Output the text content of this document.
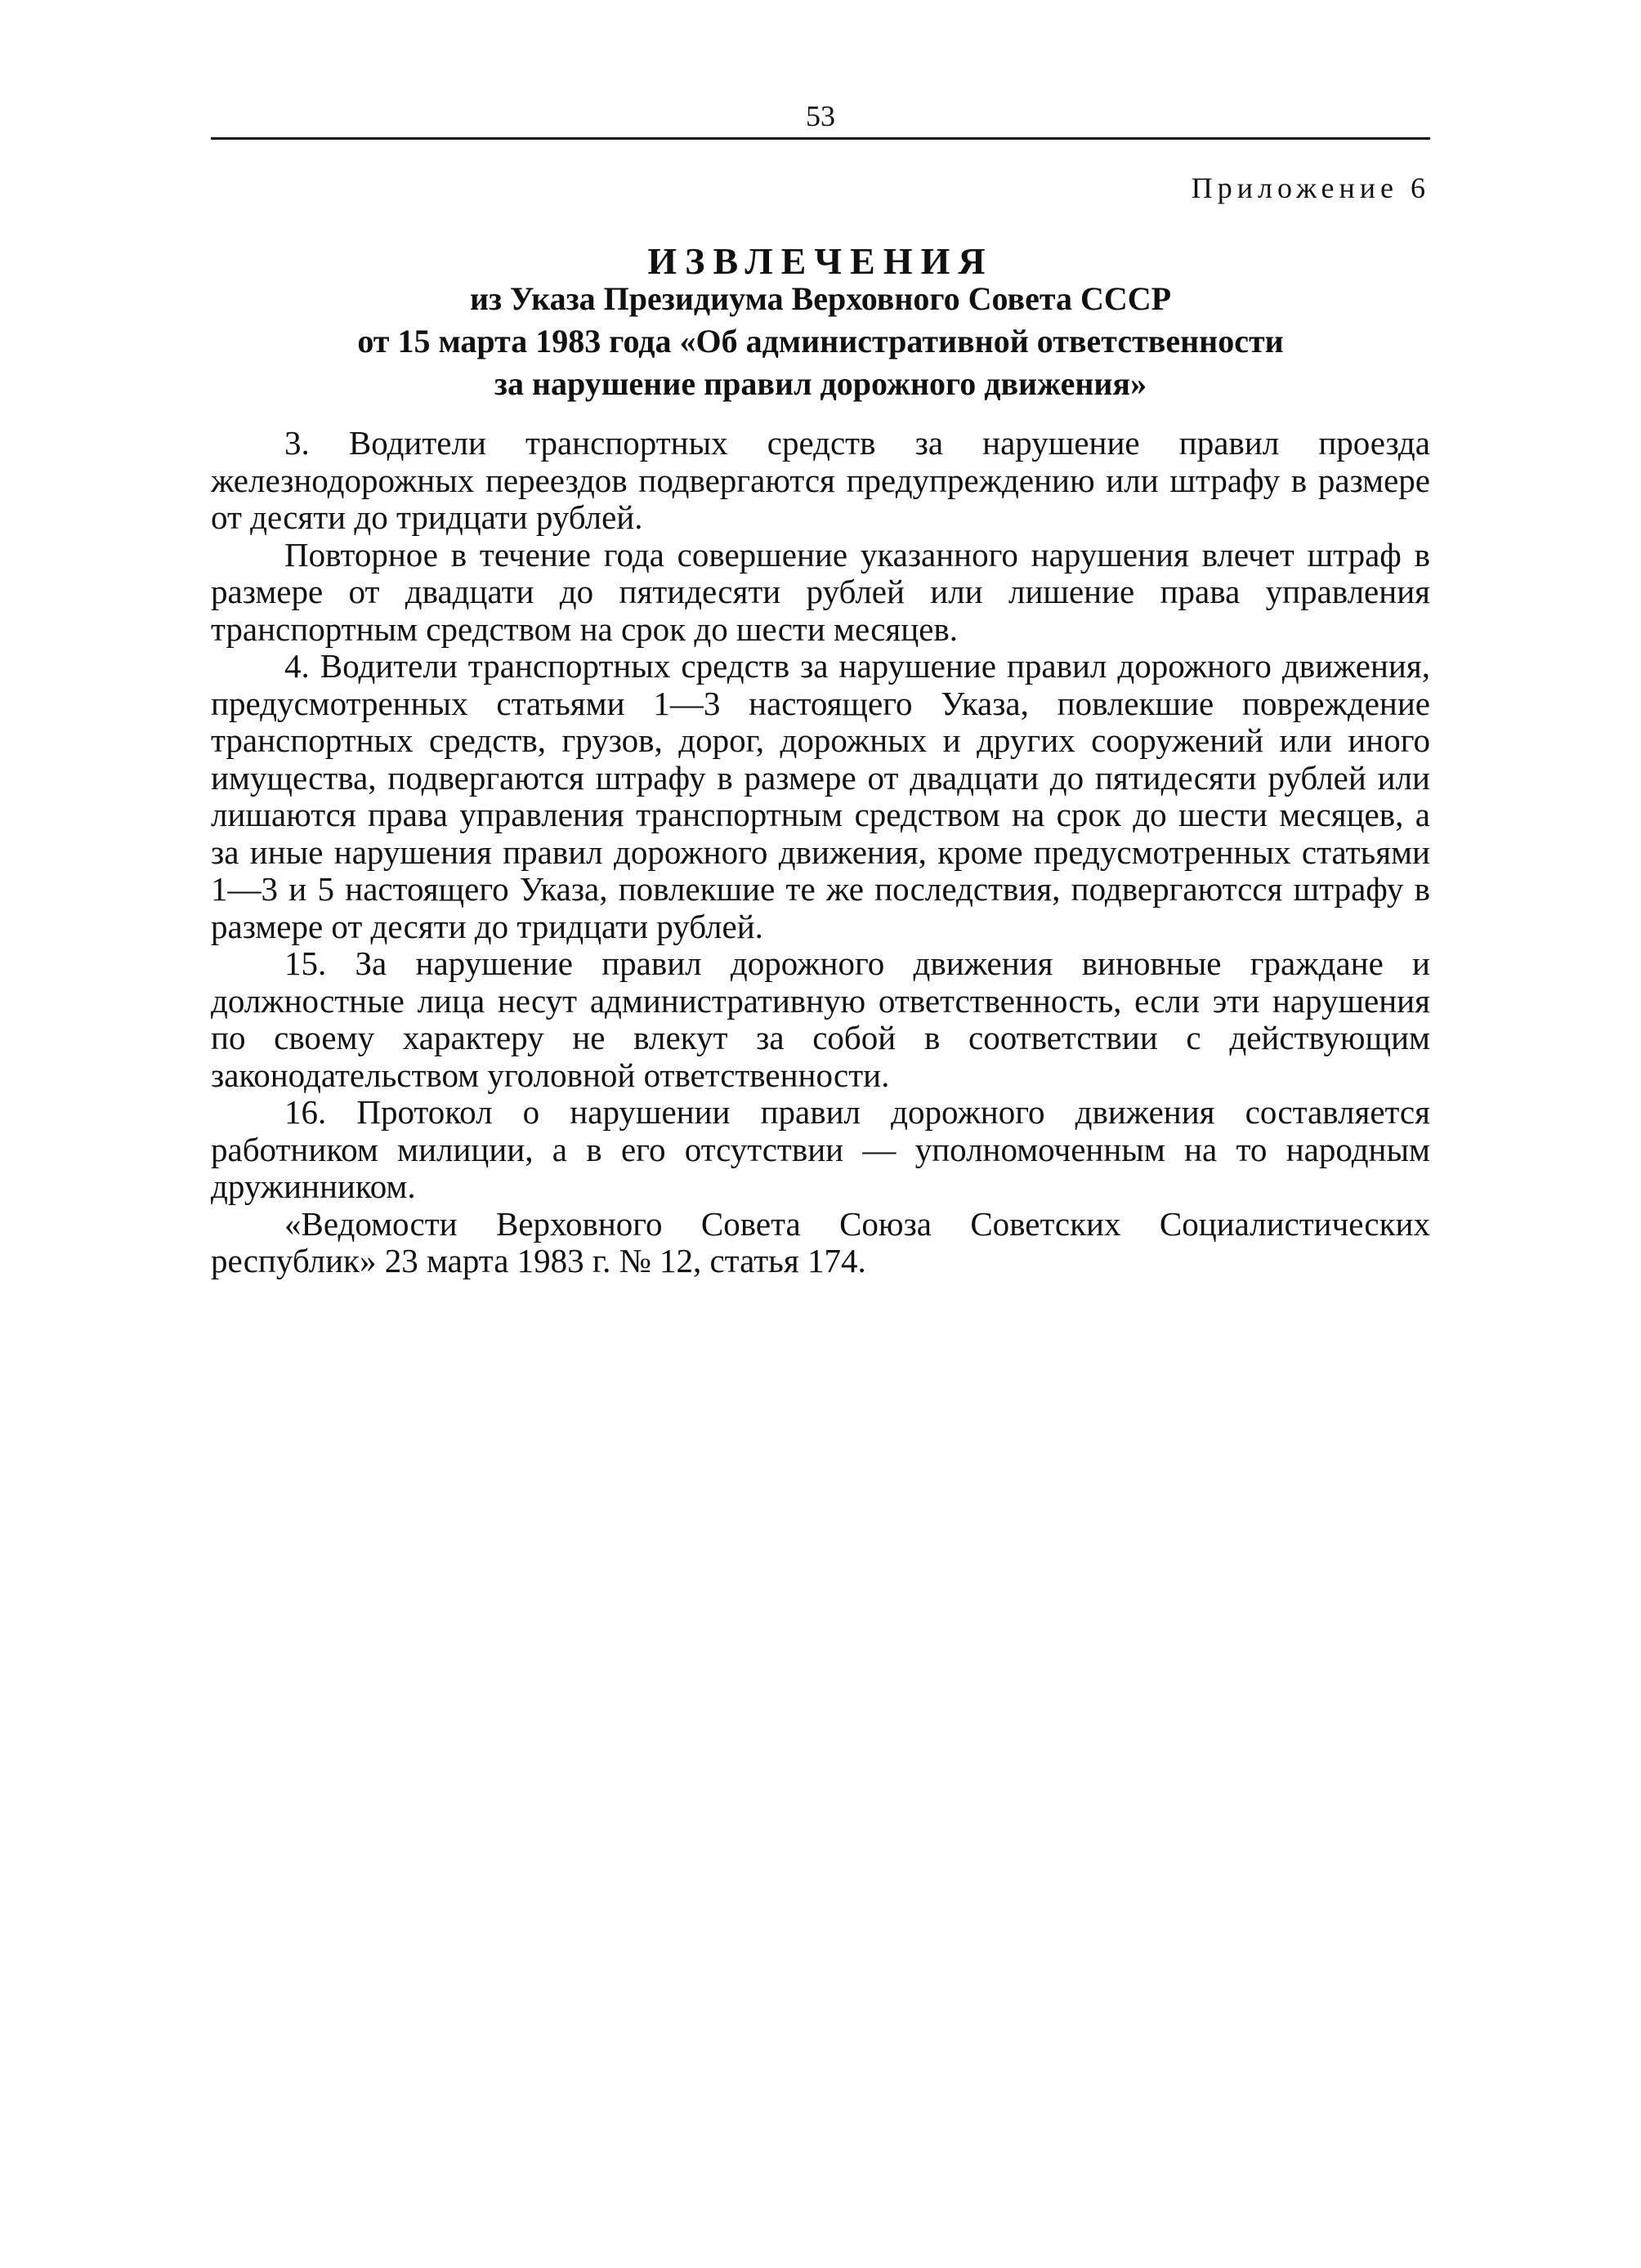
53
Приложение 6
ИЗВЛЕЧЕНИЯ
из Указа Президиума Верховного Совета СССР
от 15 марта 1983 года «Об административной ответственности
за нарушение правил дорожного движения»

3. Водители транспортных средств за нарушение правил проезда железнодорожных переездов подвергаются предупреждению или штрафу в размере от десяти до тридцати рублей.

Повторное в течение года совершение указанного нарушения влечет штраф в размере от двадцати до пятидесяти рублей или лишение права управления транспортным средством на срок до шести месяцев.

4. Водители транспортных средств за нарушение правил дорожного движения, предусмотренных статьями 1—3 настоящего Указа, повлекшие повреждение транспортных средств, грузов, дорог, дорожных и других сооружений или иного имущества, подвергаются штрафу в размере от двадцати до пятидесяти рублей или лишаются права управления транспортным средством на срок до шести месяцев, а за иные нарушения правил дорожного движения, кроме предусмотренных статьями 1—3 и 5 настоящего Указа, повлекшие те же последствия, подвергаютсся штрафу в размере от десяти до тридцати рублей.

15. За нарушение правил дорожного движения виновные граждане и должностные лица несут административную ответственность, если эти нарушения по своему характеру не влекут за собой в соответствии с действующим законодательством уголовной ответственности.

16. Протокол о нарушении правил дорожного движения составляется работником милиции, а в его отсутствии — уполномоченным на то народным дружинником.

«Ведомости Верховного Совета Союза Советских Социалистических республик» 23 марта 1983 г. № 12, статья 174.
